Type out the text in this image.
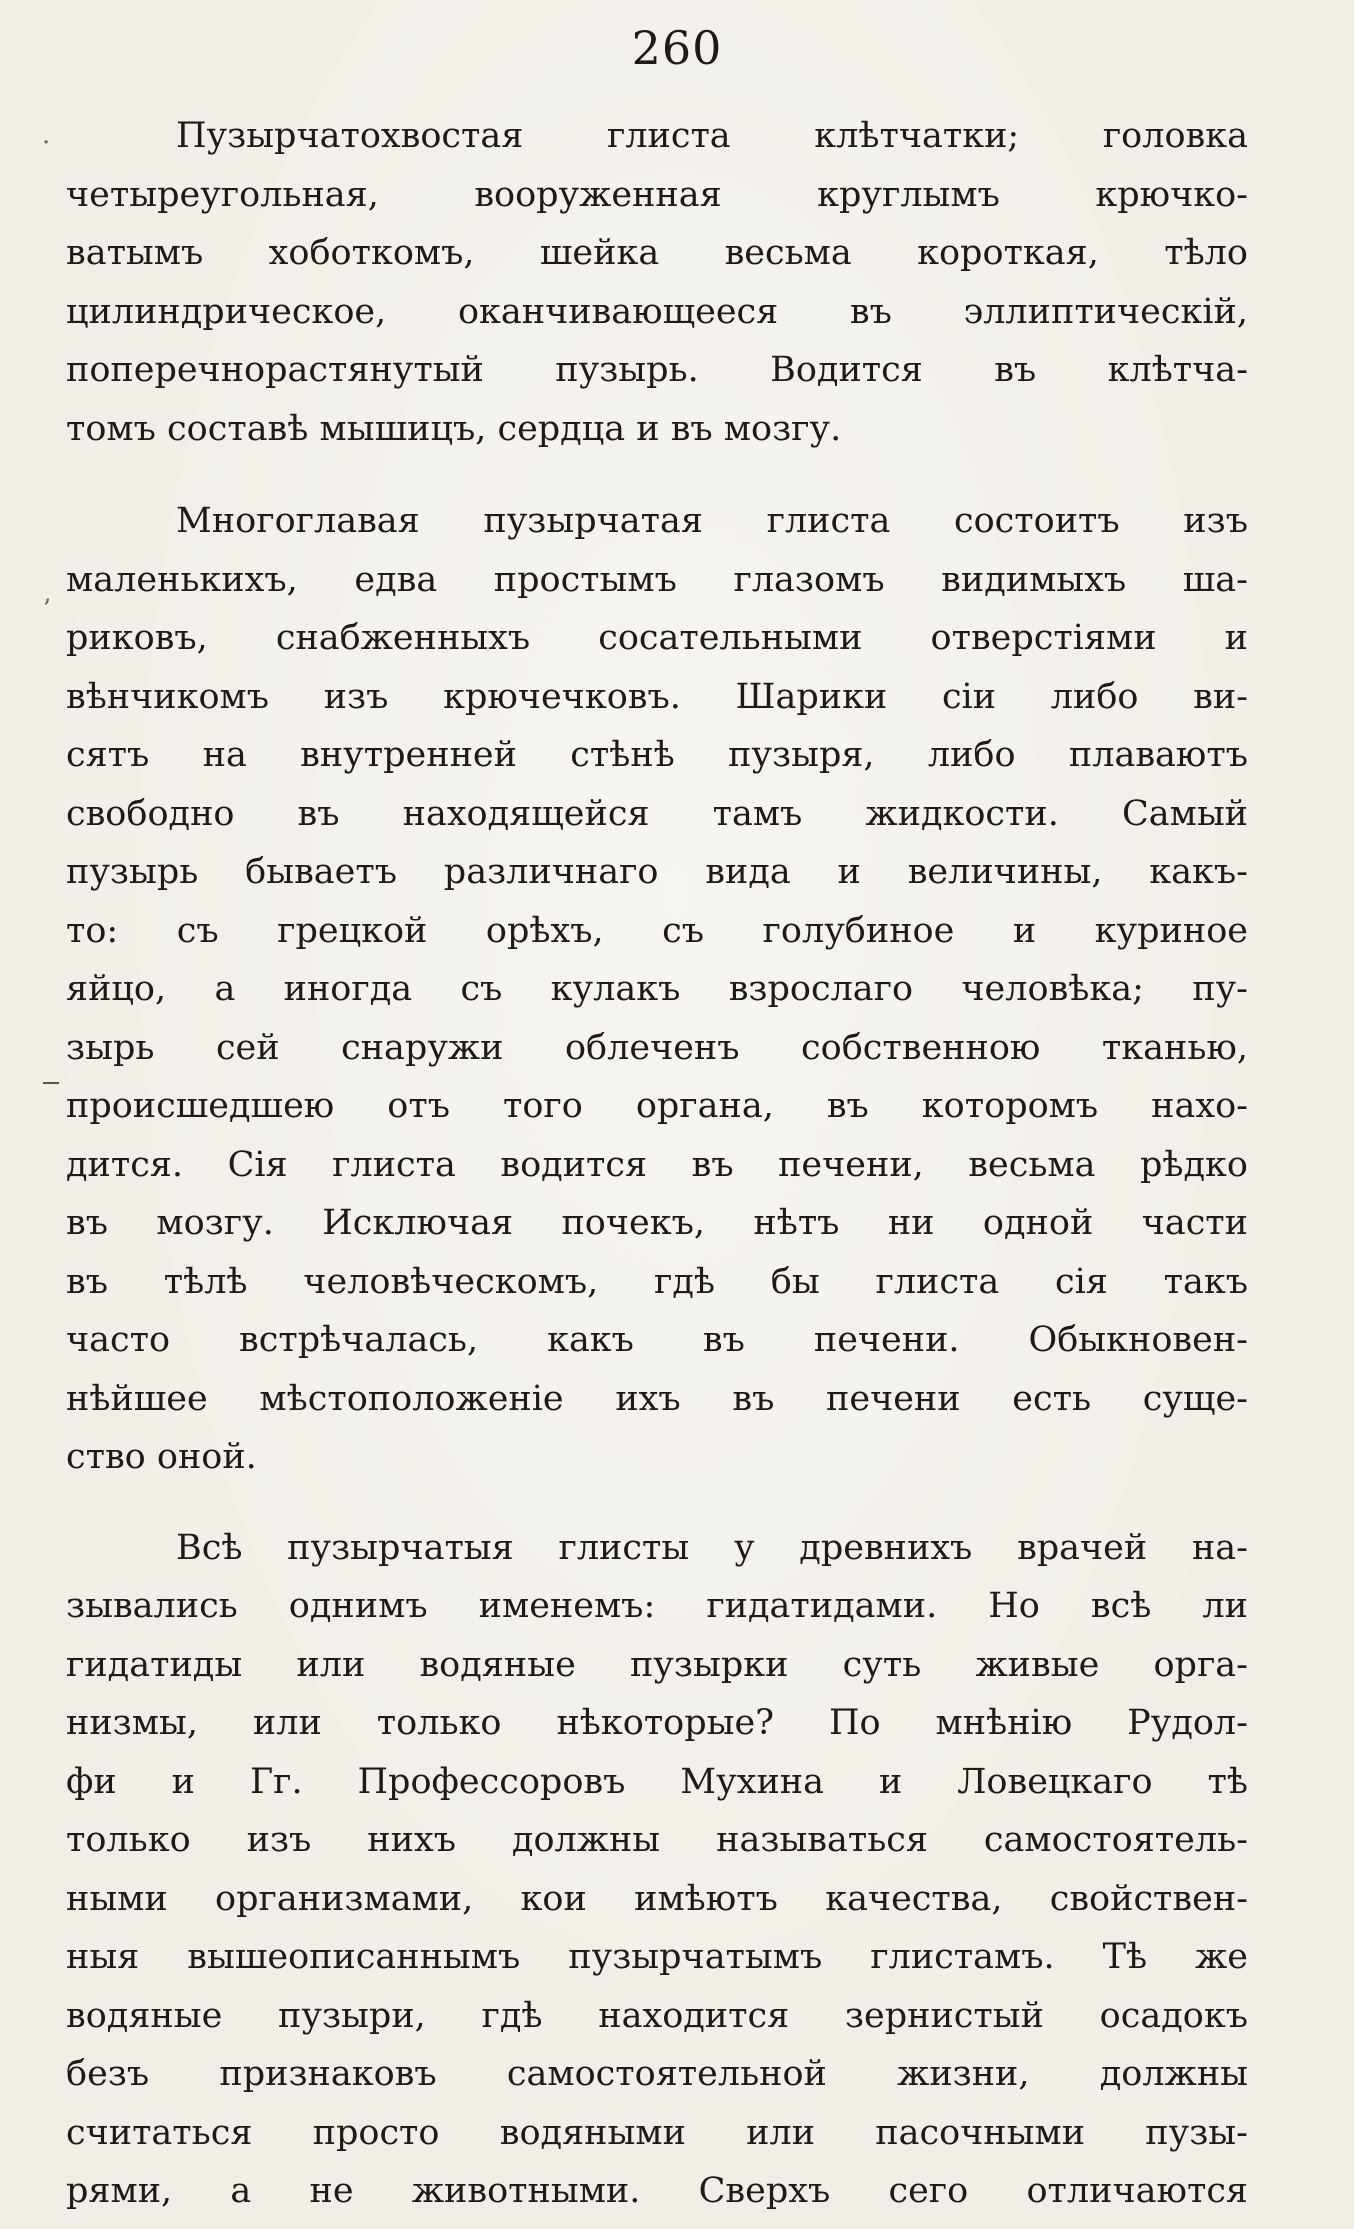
260
·
ʼ
Пузырчатохвостая глиста клѣтчатки; головка
четыреугольная, вооруженная круглымъ крючко-
ватымъ хоботкомъ, шейка весьма короткая, тѣло
цилиндрическое, оканчивающееся въ эллиптическій,
поперечнорастянутый пузырь. Водится въ клѣтча-
томъ составѣ мышицъ, сердца и въ мозгу.
Многоглавая пузырчатая глиста состоитъ изъ
маленькихъ, едва простымъ глазомъ видимыхъ ша-
риковъ, снабженныхъ сосательными отверстіями и
вѣнчикомъ изъ крючечковъ. Шарики сіи либо ви-
сятъ на внутренней стѣнѣ пузыря, либо плаваютъ
свободно въ находящейся тамъ жидкости. Самый
пузырь бываетъ различнаго вида и величины, какъ-
то: съ грецкой орѣхъ, съ голубиное и куриное
яйцо, а иногда съ кулакъ взрослаго человѣка; пу-
зырь сей снаружи облеченъ собственною тканью,
происшедшею отъ того органа, въ которомъ нахо-
дится. Сія глиста водится въ печени, весьма рѣдко
въ мозгу. Исключая почекъ, нѣтъ ни одной части
въ тѣлѣ человѣческомъ, гдѣ бы глиста сія такъ
часто встрѣчалась, какъ въ печени. Обыкновен-
нѣйшее мѣстоположеніе ихъ въ печени есть суще-
ство оной.
Всѣ пузырчатыя глисты у древнихъ врачей на-
зывались однимъ именемъ: гидатидами. Но всѣ ли
гидатиды или водяные пузырки суть живые орга-
низмы, или только нѣкоторые? По мнѣнію Рудол-
фи и Гг. Профессоровъ Мухина и Ловецкаго тѣ
только изъ нихъ должны называться самостоятель-
ными организмами, кои имѣютъ качества, свойствен-
ныя вышеописаннымъ пузырчатымъ глистамъ. Тѣ же
водяные пузыри, гдѣ находится зернистый осадокъ
безъ признаковъ самостоятельной жизни, должны
считаться просто водяными или пасочными пузы-
рями, а не животными. Сверхъ сего отличаются
